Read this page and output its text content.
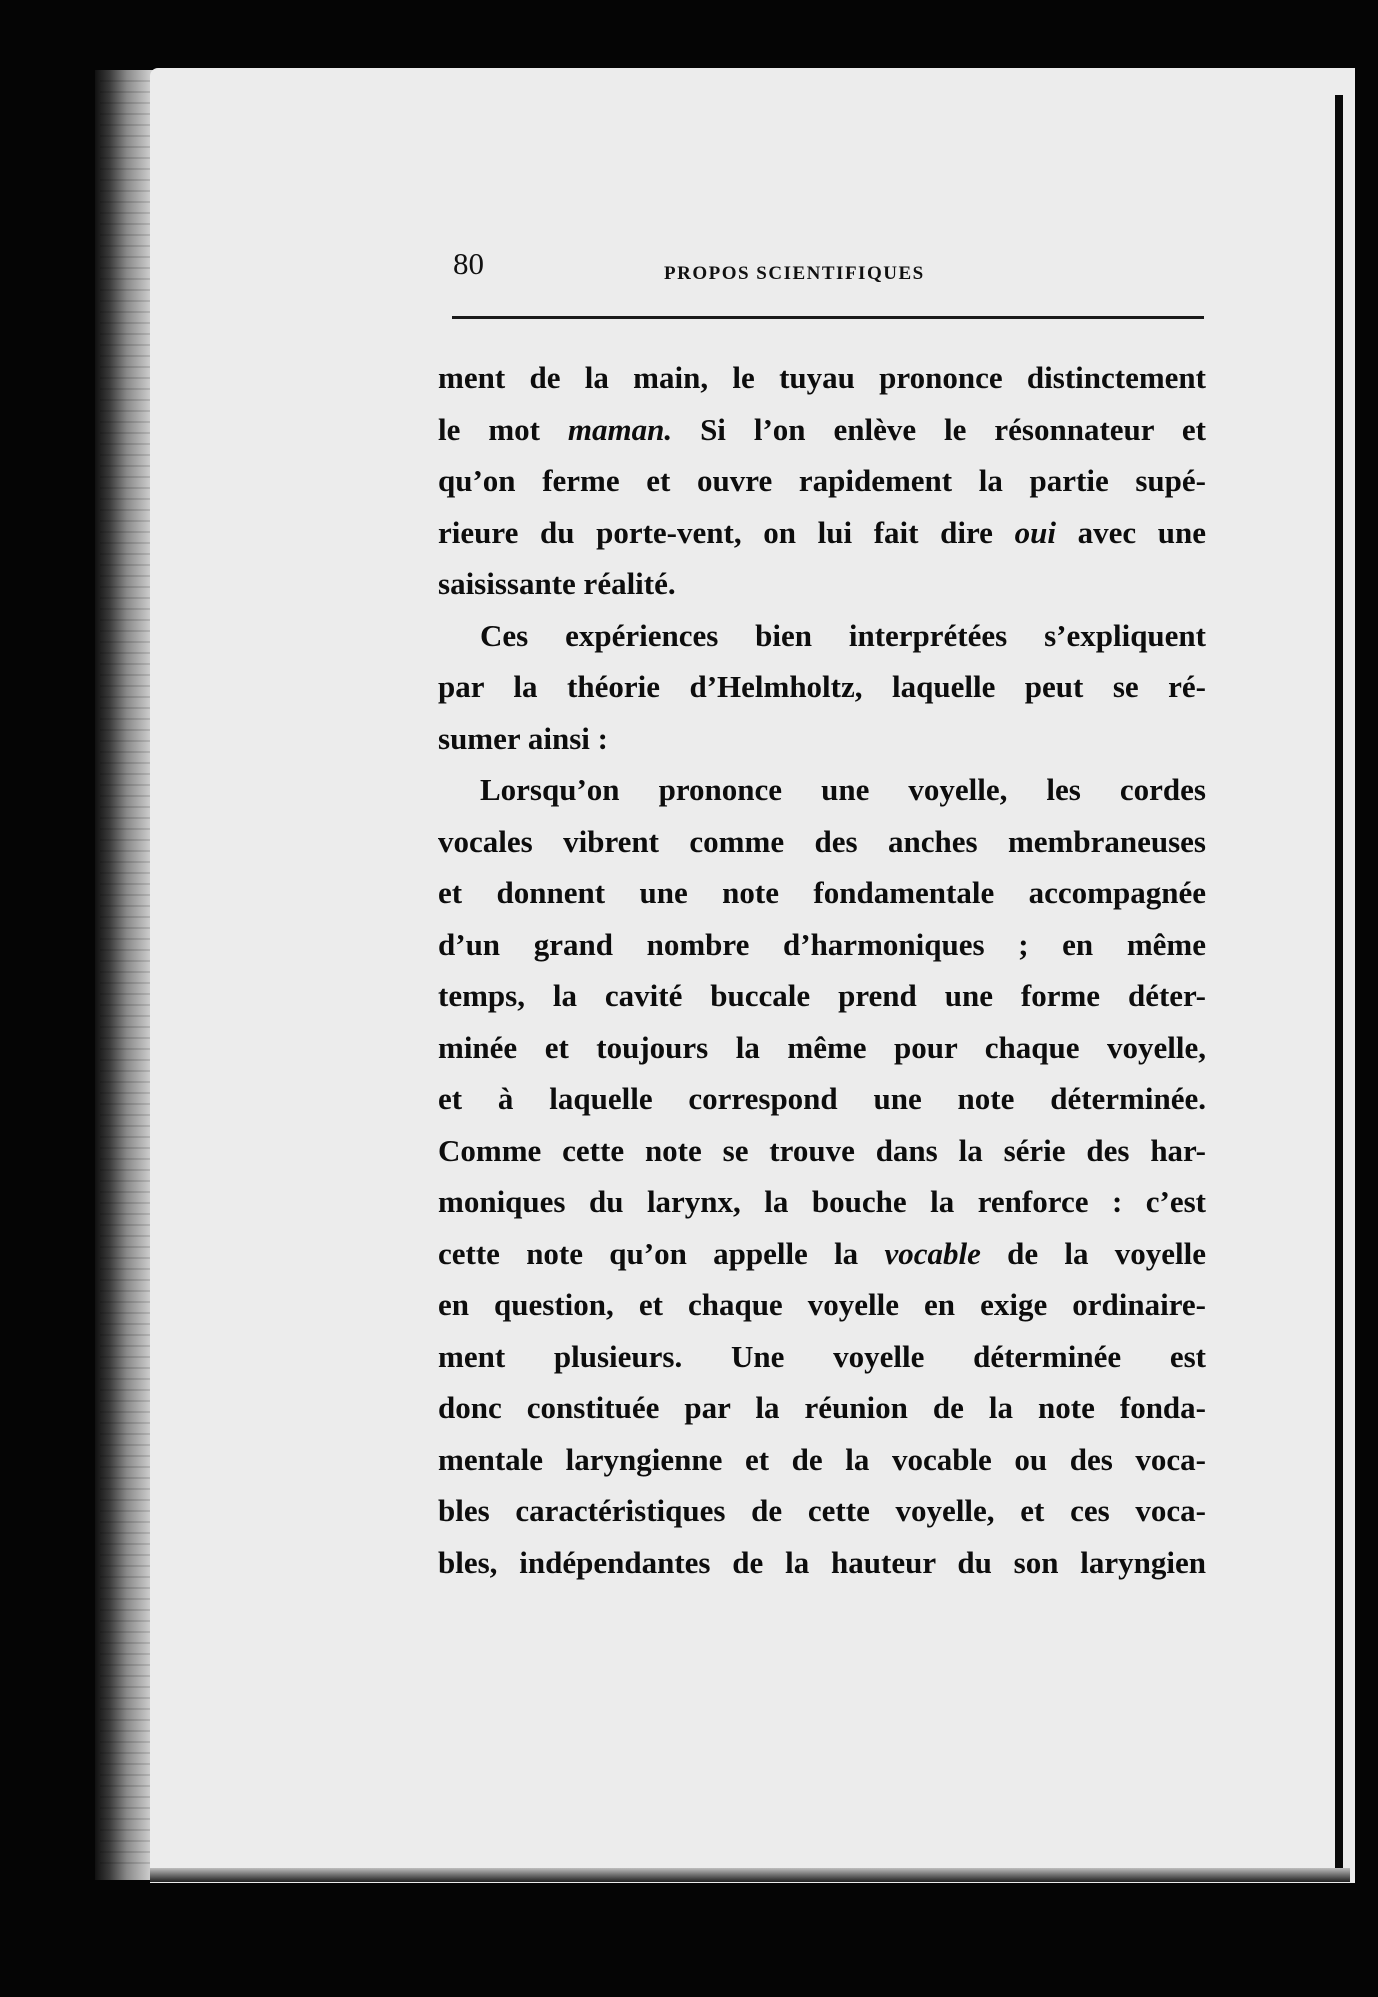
80	PROPOS SCIENTIFIQUES
ment de la main, le tuyau prononce distinctement
le mot maman. Si l’on enlève le résonnateur et
qu’on ferme et ouvre rapidement la partie supé-
rieure du porte-vent, on lui fait dire oui avec une
saisissante réalité.
Ces expériences bien interprétées s’expliquent
par la théorie d’Helmholtz, laquelle peut se ré-
sumer ainsi :
Lorsqu’on prononce une voyelle, les cordes
vocales vibrent comme des anches membraneuses
et donnent une note fondamentale accompagnée
d’un grand nombre d’harmoniques ; en même
temps, la cavité buccale prend une forme déter-
minée et toujours la même pour chaque voyelle,
et à laquelle correspond une note déterminée.
Comme cette note se trouve dans la série des har-
moniques du larynx, la bouche la renforce : c’est
cette note qu’on appelle la vocable de la voyelle
en question, et chaque voyelle en exige ordinaire-
ment plusieurs. Une voyelle déterminée est
donc constituée par la réunion de la note fonda-
mentale laryngienne et de la vocable ou des voca-
bles caractéristiques de cette voyelle, et ces voca-
bles, indépendantes de la hauteur du son laryngien
